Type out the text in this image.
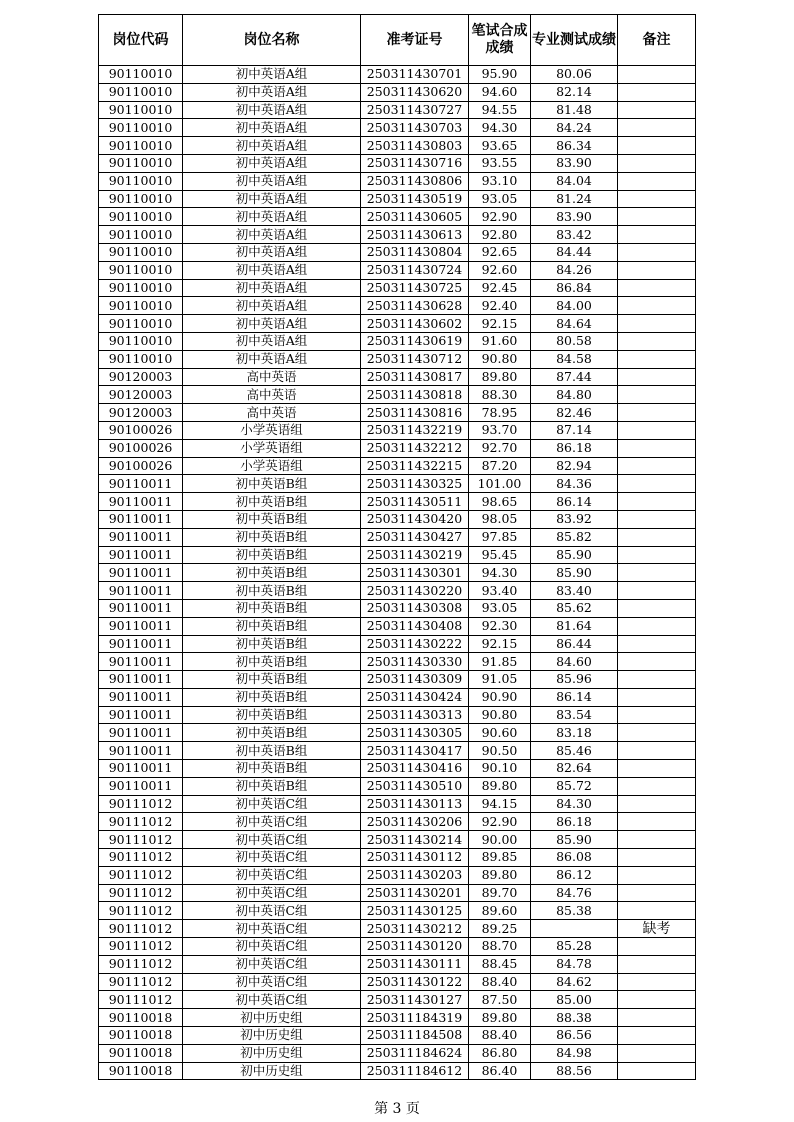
岗位代码	岗位名称	准考证号	笔试合成成绩	专业测试成绩	备注
90110010	初中英语A组	250311430701	95.90	80.06	
90110010	初中英语A组	250311430620	94.60	82.14	
90110010	初中英语A组	250311430727	94.55	81.48	
90110010	初中英语A组	250311430703	94.30	84.24	
90110010	初中英语A组	250311430803	93.65	86.34	
90110010	初中英语A组	250311430716	93.55	83.90	
90110010	初中英语A组	250311430806	93.10	84.04	
90110010	初中英语A组	250311430519	93.05	81.24	
90110010	初中英语A组	250311430605	92.90	83.90	
90110010	初中英语A组	250311430613	92.80	83.42	
90110010	初中英语A组	250311430804	92.65	84.44	
90110010	初中英语A组	250311430724	92.60	84.26	
90110010	初中英语A组	250311430725	92.45	86.84	
90110010	初中英语A组	250311430628	92.40	84.00	
90110010	初中英语A组	250311430602	92.15	84.64	
90110010	初中英语A组	250311430619	91.60	80.58	
90110010	初中英语A组	250311430712	90.80	84.58	
90120003	高中英语	250311430817	89.80	87.44	
90120003	高中英语	250311430818	88.30	84.80	
90120003	高中英语	250311430816	78.95	82.46	
90100026	小学英语组	250311432219	93.70	87.14	
90100026	小学英语组	250311432212	92.70	86.18	
90100026	小学英语组	250311432215	87.20	82.94	
90110011	初中英语B组	250311430325	101.00	84.36	
90110011	初中英语B组	250311430511	98.65	86.14	
90110011	初中英语B组	250311430420	98.05	83.92	
90110011	初中英语B组	250311430427	97.85	85.82	
90110011	初中英语B组	250311430219	95.45	85.90	
90110011	初中英语B组	250311430301	94.30	85.90	
90110011	初中英语B组	250311430220	93.40	83.40	
90110011	初中英语B组	250311430308	93.05	85.62	
90110011	初中英语B组	250311430408	92.30	81.64	
90110011	初中英语B组	250311430222	92.15	86.44	
90110011	初中英语B组	250311430330	91.85	84.60	
90110011	初中英语B组	250311430309	91.05	85.96	
90110011	初中英语B组	250311430424	90.90	86.14	
90110011	初中英语B组	250311430313	90.80	83.54	
90110011	初中英语B组	250311430305	90.60	83.18	
90110011	初中英语B组	250311430417	90.50	85.46	
90110011	初中英语B组	250311430416	90.10	82.64	
90110011	初中英语B组	250311430510	89.80	85.72	
90111012	初中英语C组	250311430113	94.15	84.30	
90111012	初中英语C组	250311430206	92.90	86.18	
90111012	初中英语C组	250311430214	90.00	85.90	
90111012	初中英语C组	250311430112	89.85	86.08	
90111012	初中英语C组	250311430203	89.80	86.12	
90111012	初中英语C组	250311430201	89.70	84.76	
90111012	初中英语C组	250311430125	89.60	85.38	
90111012	初中英语C组	250311430212	89.25		缺考
90111012	初中英语C组	250311430120	88.70	85.28	
90111012	初中英语C组	250311430111	88.45	84.78	
90111012	初中英语C组	250311430122	88.40	84.62	
90111012	初中英语C组	250311430127	87.50	85.00	
90110018	初中历史组	250311184319	89.80	88.38	
90110018	初中历史组	250311184508	88.40	86.56	
90110018	初中历史组	250311184624	86.80	84.98	
90110018	初中历史组	250311184612	86.40	88.56	
第 3 页
